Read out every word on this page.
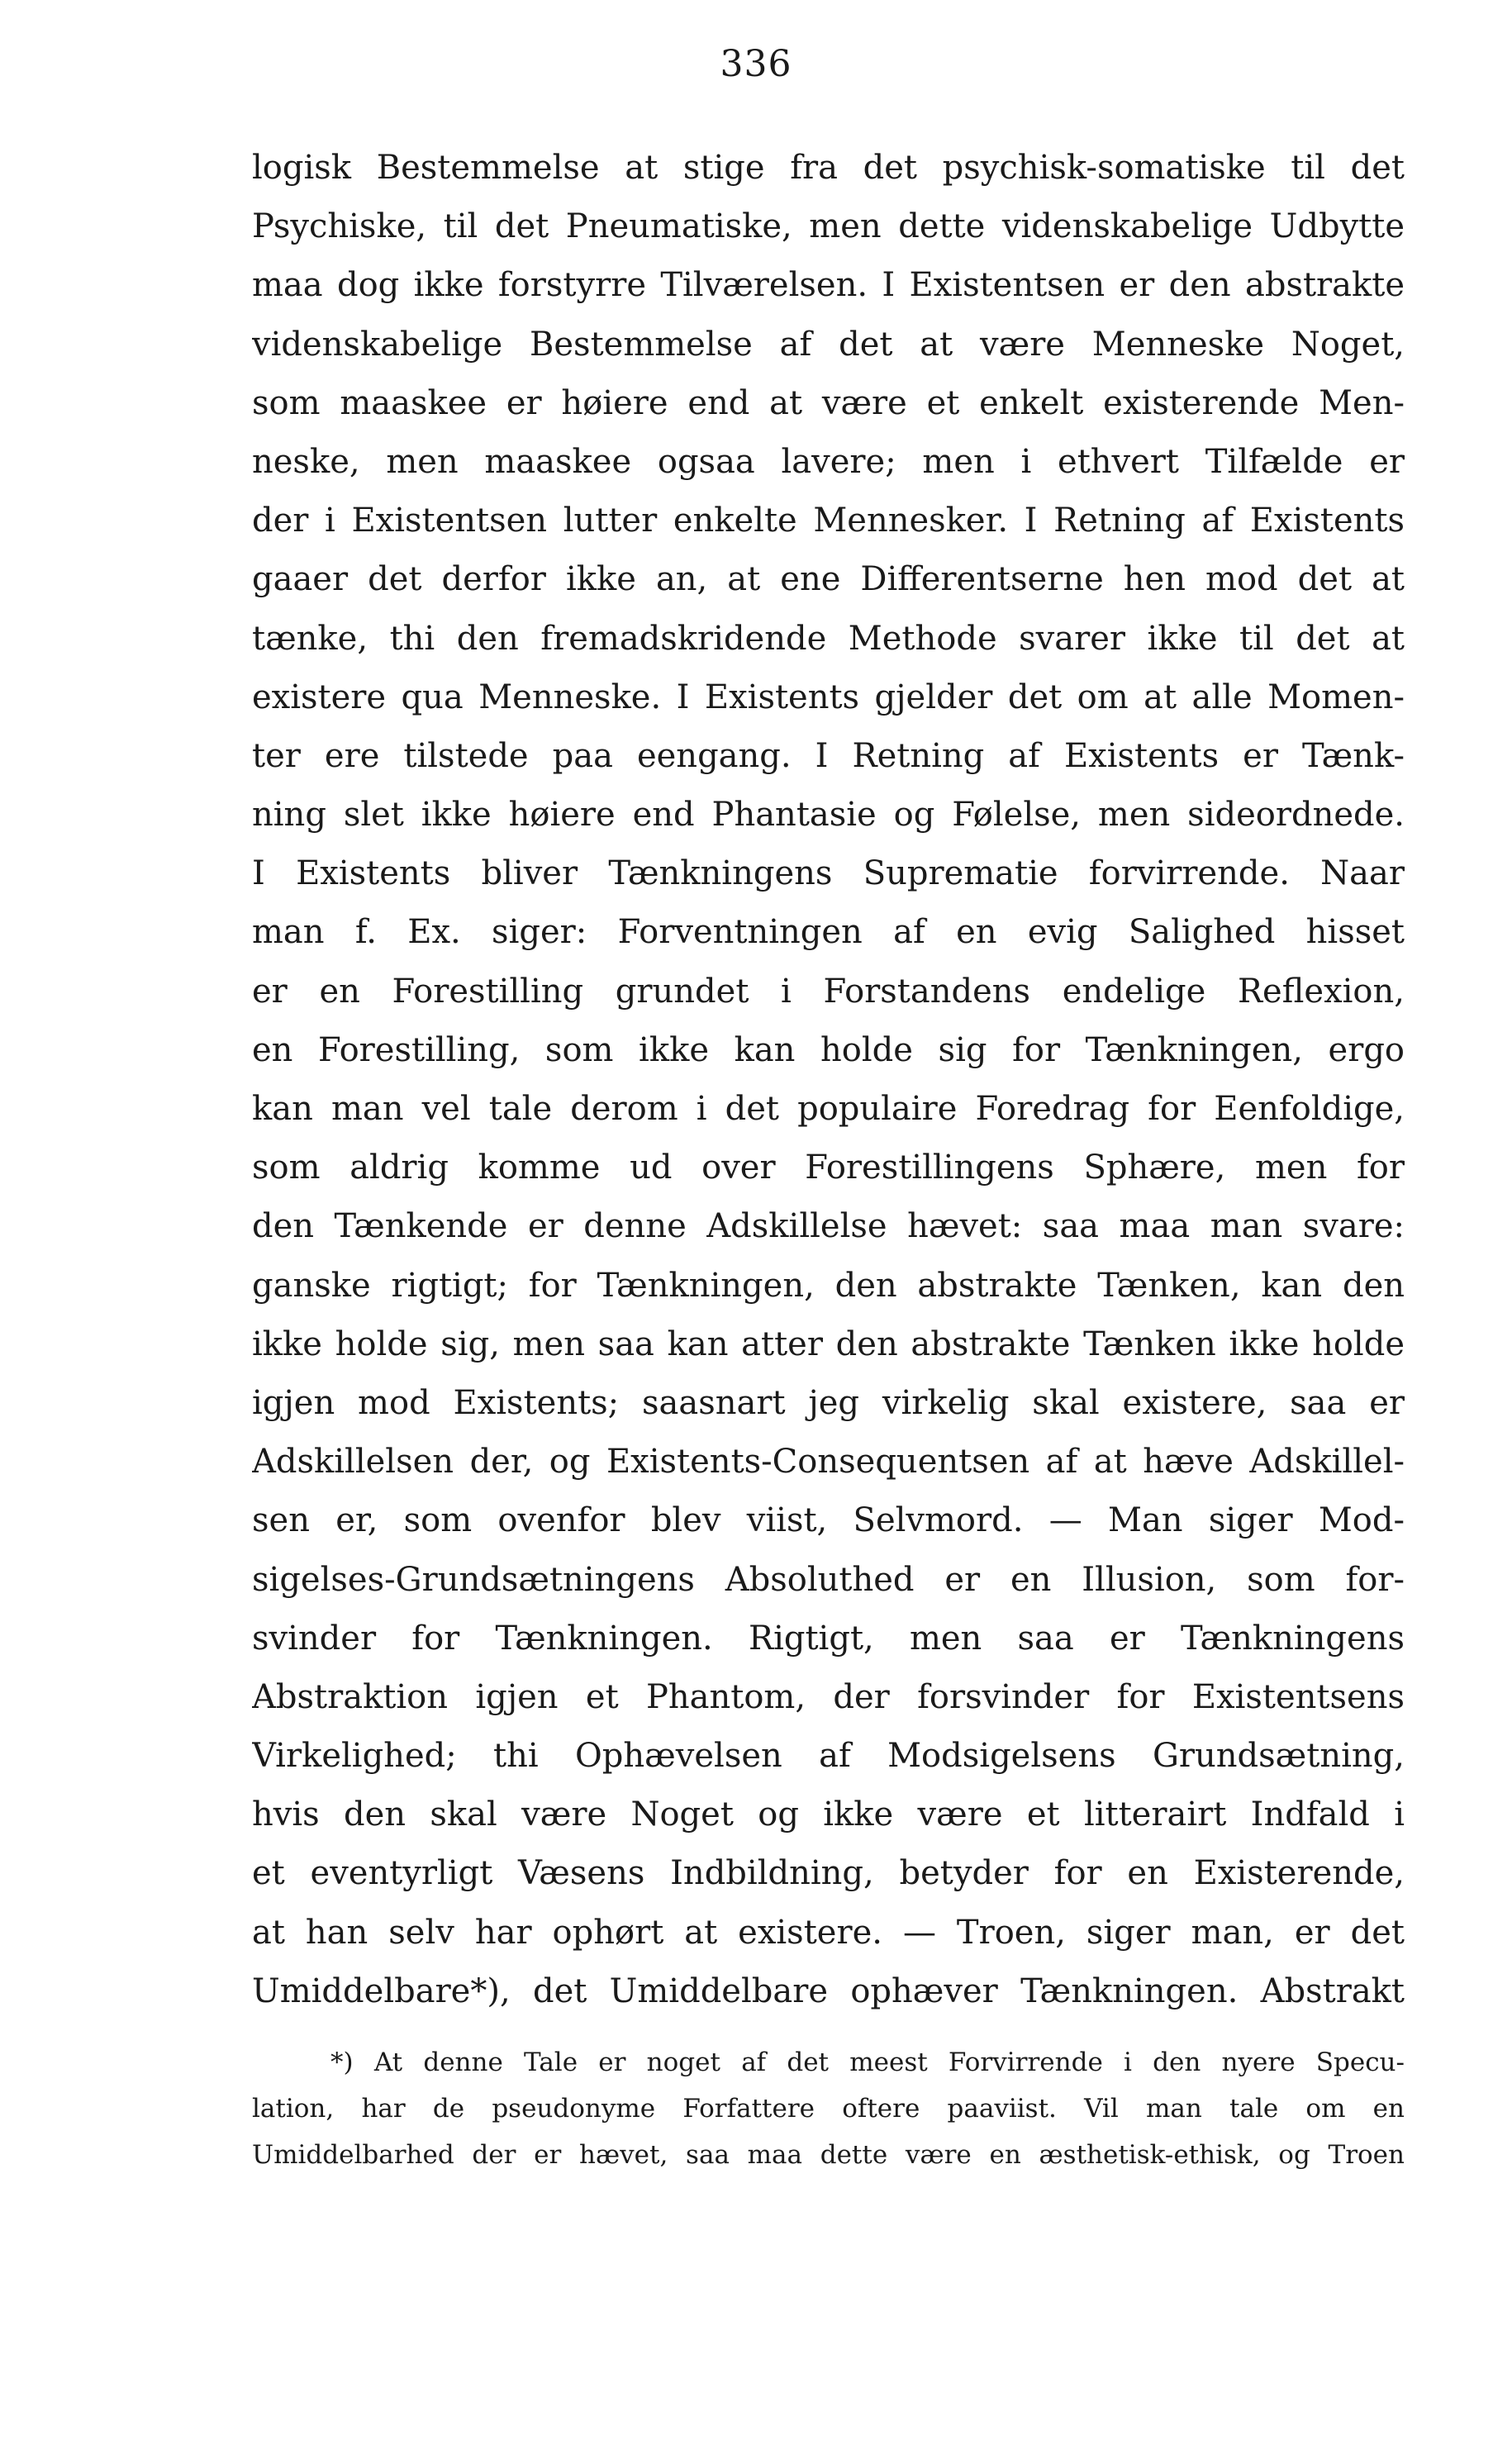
336
logisk Bestemmelse at stige fra det psychisk-somatiske til det
Psychiske, til det Pneumatiske, men dette videnskabelige Udbytte
maa dog ikke forstyrre Tilværelsen. I Existentsen er den abstrakte
videnskabelige Bestemmelse af det at være Menneske Noget,
som maaskee er høiere end at være et enkelt existerende Men-
neske, men maaskee ogsaa lavere; men i ethvert Tilfælde er
der i Existentsen lutter enkelte Mennesker. I Retning af Existents
gaaer det derfor ikke an, at ene Differentserne hen mod det at
tænke, thi den fremadskridende Methode svarer ikke til det at
existere qua Menneske. I Existents gjelder det om at alle Momen-
ter ere tilstede paa eengang. I Retning af Existents er Tænk-
ning slet ikke høiere end Phantasie og Følelse, men sideordnede.
I Existents bliver Tænkningens Suprematie forvirrende. Naar
man f. Ex. siger: Forventningen af en evig Salighed hisset
er en Forestilling grundet i Forstandens endelige Reflexion,
en Forestilling, som ikke kan holde sig for Tænkningen, ergo
kan man vel tale derom i det populaire Foredrag for Eenfoldige,
som aldrig komme ud over Forestillingens Sphære, men for
den Tænkende er denne Adskillelse hævet: saa maa man svare:
ganske rigtigt; for Tænkningen, den abstrakte Tænken, kan den
ikke holde sig, men saa kan atter den abstrakte Tænken ikke holde
igjen mod Existents; saasnart jeg virkelig skal existere, saa er
Adskillelsen der, og Existents-Consequentsen af at hæve Adskillel-
sen er, som ovenfor blev viist, Selvmord. — Man siger Mod-
sigelses-Grundsætningens Absoluthed er en Illusion, som for-
svinder for Tænkningen. Rigtigt, men saa er Tænkningens
Abstraktion igjen et Phantom, der forsvinder for Existentsens
Virkelighed; thi Ophævelsen af Modsigelsens Grundsætning,
hvis den skal være Noget og ikke være et litterairt Indfald i
et eventyrligt Væsens Indbildning, betyder for en Existerende,
at han selv har ophørt at existere. — Troen, siger man, er det
Umiddelbare*), det Umiddelbare ophæver Tænkningen. Abstrakt
*) At denne Tale er noget af det meest Forvirrende i den nyere Specu-
lation, har de pseudonyme Forfattere oftere paaviist. Vil man tale om en
Umiddelbarhed der er hævet, saa maa dette være en æsthetisk-ethisk, og Troen
